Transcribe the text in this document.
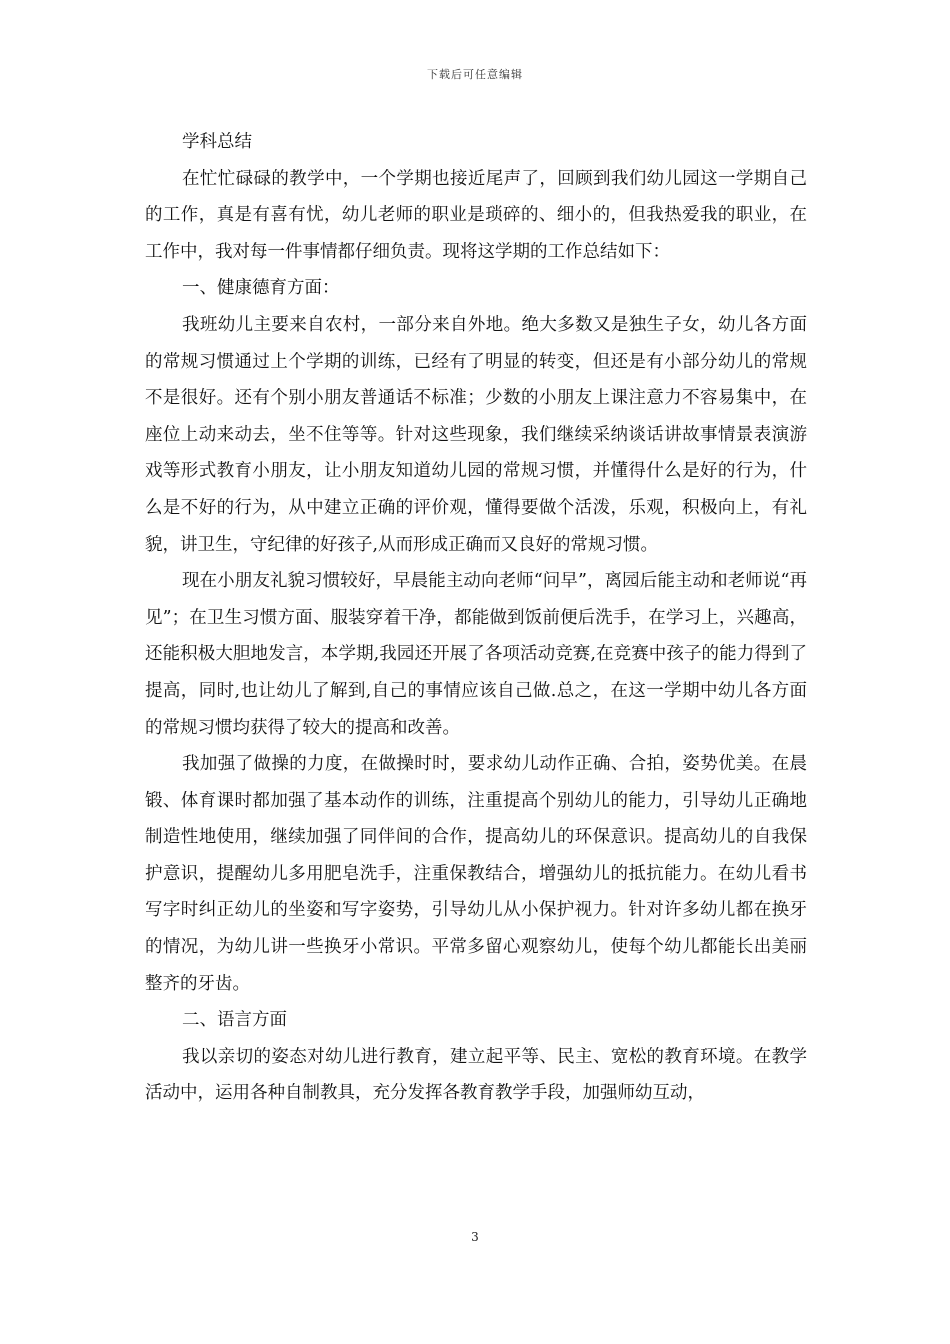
下载后可任意编辑

学科总结

在忙忙碌碌的教学中，一个学期也接近尾声了，回顾到我们幼儿园这一学期自己的工作，真是有喜有忧，幼儿老师的职业是琐碎的、细小的，但我热爱我的职业，在工作中，我对每一件事情都仔细负责。现将这学期的工作总结如下：

一、健康德育方面：

我班幼儿主要来自农村，一部分来自外地。绝大多数又是独生子女，幼儿各方面的常规习惯通过上个学期的训练，已经有了明显的转变，但还是有小部分幼儿的常规不是很好。还有个别小朋友普通话不标准；少数的小朋友上课注意力不容易集中，在座位上动来动去，坐不住等等。针对这些现象，我们继续采纳谈话讲故事情景表演游戏等形式教育小朋友，让小朋友知道幼儿园的常规习惯，并懂得什么是好的行为，什么是不好的行为，从中建立正确的评价观，懂得要做个活泼，乐观，积极向上，有礼貌，讲卫生，守纪律的好孩子,从而形成正确而又良好的常规习惯。

现在小朋友礼貌习惯较好，早晨能主动向老师“问早”，离园后能主动和老师说“再见”；在卫生习惯方面、服装穿着干净，都能做到饭前便后洗手，在学习上，兴趣高，还能积极大胆地发言，本学期,我园还开展了各项活动竞赛,在竞赛中孩子的能力得到了提高，同时,也让幼儿了解到,自己的事情应该自己做.总之，在这一学期中幼儿各方面的常规习惯均获得了较大的提高和改善。

我加强了做操的力度，在做操时时，要求幼儿动作正确、合拍，姿势优美。在晨锻、体育课时都加强了基本动作的训练，注重提高个别幼儿的能力，引导幼儿正确地制造性地使用，继续加强了同伴间的合作，提高幼儿的环保意识。提高幼儿的自我保护意识，提醒幼儿多用肥皂洗手，注重保教结合，增强幼儿的抵抗能力。在幼儿看书写字时纠正幼儿的坐姿和写字姿势，引导幼儿从小保护视力。针对许多幼儿都在换牙的情况，为幼儿讲一些换牙小常识。平常多留心观察幼儿，使每个幼儿都能长出美丽整齐的牙齿。

二、语言方面

我以亲切的姿态对幼儿进行教育，建立起平等、民主、宽松的教育环境。在教学活动中，运用各种自制教具，充分发挥各教育教学手段，加强师幼互动，

3
